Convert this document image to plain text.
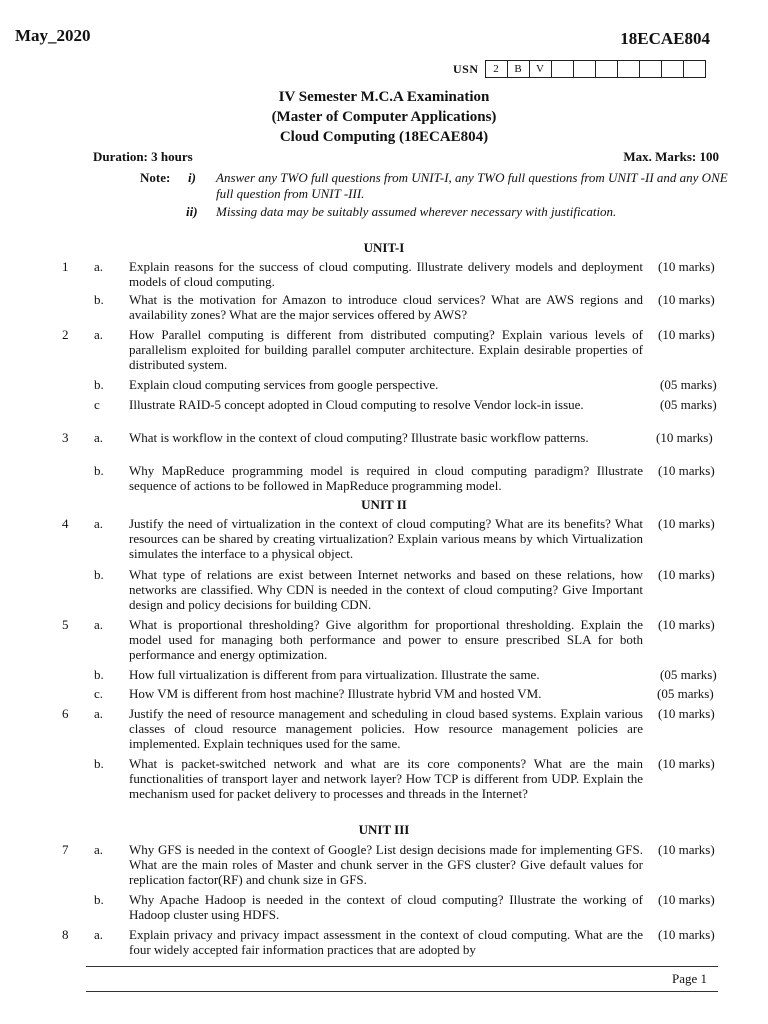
May_2020	18ECAE804
USN	2	B	V
IV Semester M.C.A Examination
(Master of Computer Applications)
Cloud Computing (18ECAE804)
Duration: 3 hours	Max. Marks: 100
Note: i) Answer any TWO full questions from UNIT-I, any TWO full questions from UNIT -II and any ONE full question from UNIT -III.
ii) Missing data may be suitably assumed wherever necessary with justification.
UNIT-I
UNIT II
UNIT III
1 a. Explain reasons for the success of cloud computing. Illustrate delivery models and deployment models of cloud computing.
(10 marks)
b. What is the motivation for Amazon to introduce cloud services? What are AWS regions and availability zones? What are the major services offered by AWS?
(10 marks)
2 a. How Parallel computing is different from distributed computing? Explain various levels of parallelism exploited for building parallel computer architecture. Explain desirable properties of distributed system.
(10 marks)
b. Explain cloud computing services from google perspective.	(05 marks)
c Illustrate RAID-5 concept adopted in Cloud computing to resolve Vendor lock-in issue.	(05 marks)
3 a. What is workflow in the context of cloud computing? Illustrate basic workflow patterns.	(10 marks)
b. Why MapReduce programming model is required in cloud computing paradigm? Illustrate sequence of actions to be followed in MapReduce programming model.
(10 marks)
4 a. Justify the need of virtualization in the context of cloud computing? What are its benefits? What resources can be shared by creating virtualization? Explain various means by which Virtualization simulates the interface to a physical object.
(10 marks)
b. What type of relations are exist between Internet networks and based on these relations, how networks are classified. Why CDN is needed in the context of cloud computing? Give Important design and policy decisions for building CDN.
(10 marks)
5 a. What is proportional thresholding? Give algorithm for proportional thresholding. Explain the model used for managing both performance and power to ensure prescribed SLA for both performance and energy optimization.
(10 marks)
b. How full virtualization is different from para virtualization. Illustrate the same.	(05 marks)
c. How VM is different from host machine? Illustrate hybrid VM and hosted VM.	(05 marks)
6 a. Justify the need of resource management and scheduling in cloud based systems. Explain various classes of cloud resource management policies. How resource management policies are implemented. Explain techniques used for the same.
(10 marks)
b. What is packet-switched network and what are its core components? What are the main functionalities of transport layer and network layer? How TCP is different from UDP. Explain the mechanism used for packet delivery to processes and threads in the Internet?
(10 marks)
7 a. Why GFS is needed in the context of Google? List design decisions made for implementing GFS. What are the main roles of Master and chunk server in the GFS cluster? Give default values for replication factor(RF) and chunk size in GFS.
(10 marks)
b. Why Apache Hadoop is needed in the context of cloud computing? Illustrate the working of Hadoop cluster using HDFS.
(10 marks)
8 a. Explain privacy and privacy impact assessment in the context of cloud computing. What are the four widely accepted fair information practices that are adopted by
(10 marks)
Page 1
